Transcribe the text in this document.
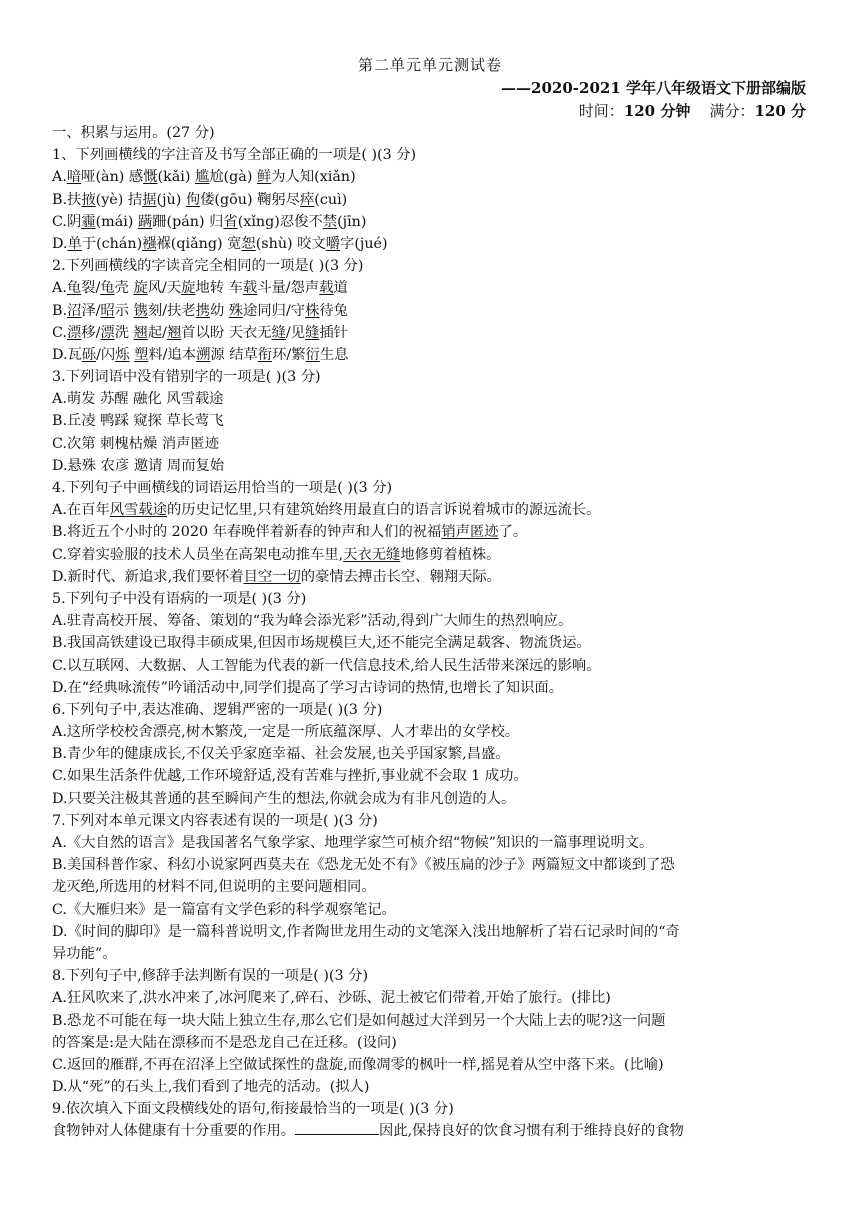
第二单元单元测试卷
——2020-2021 学年八年级语文下册部编版
时间：120 分钟 满分：120 分
一、积累与运用。(27 分)
1、下列画横线的字注音及书写全部正确的一项是( )(3 分)
A.喑哑(àn) 感慨(kǎi) 尴尬(gà) 鲜为人知(xiǎn)
B.扶掖(yè) 拮据(jù) 佝偻(gōu) 鞠躬尽瘁(cuì)
C.阴霾(mái) 蹒跚(pán) 归省(xǐng)忍俊不禁(jīn)
D.单于(chán)襁褓(qiǎng) 宽恕(shù) 咬文嚼字(jué)
2.下列画横线的字读音完全相同的一项是( )(3 分)
A.龟裂/龟壳 旋风/天旋地转 车载斗量/怨声载道
B.沼泽/昭示 镌刻/扶老携幼 殊途同归/守株待兔
C.漂移/漂洗 翘起/翘首以盼 天衣无缝/见缝插针
D.瓦砾/闪烁 塑料/追本溯源 结草衔环/繁衍生息
3.下列词语中没有错别字的一项是( )(3 分)
A.萌发 苏醒 融化 风雪载途
B.丘凌 鸭踩 窥探 草长莺飞
C.次第 刺槐枯燥 消声匿迹
D.悬殊 农彦 邀请 周而复始
4.下列句子中画横线的词语运用恰当的一项是( )(3 分)
A.在百年风雪载途的历史记忆里,只有建筑始终用最直白的语言诉说着城市的源远流长。
B.将近五个小时的 2020 年春晚伴着新春的钟声和人们的祝福销声匿迹了。
C.穿着实验服的技术人员坐在高架电动推车里,天衣无缝地修剪着植株。
D.新时代、新追求,我们要怀着目空一切的豪情去搏击长空、翱翔天际。
5.下列句子中没有语病的一项是( )(3 分)
A.驻青高校开展、筹备、策划的“我为峰会添光彩”活动,得到广大师生的热烈响应。
B.我国高铁建设已取得丰硕成果,但因市场规模巨大,还不能完全满足载客、物流货运。
C.以互联网、大数据、人工智能为代表的新一代信息技术,给人民生活带来深远的影响。
D.在“经典咏流传”吟诵活动中,同学们提高了学习古诗词的热情,也增长了知识面。
6.下列句子中,表达准确、逻辑严密的一项是( )(3 分)
A.这所学校校舍漂亮,树木繁茂,一定是一所底蕴深厚、人才辈出的女学校。
B.青少年的健康成长,不仅关乎家庭幸福、社会发展,也关乎国家繁,昌盛。
C.如果生活条件优越,工作环境舒适,没有苦难与挫折,事业就不会取 1 成功。
D.只要关注极其普通的甚至瞬间产生的想法,你就会成为有非凡创造的人。
7.下列对本单元课文内容表述有误的一项是( )(3 分)
A.《大自然的语言》是我国著名气象学家、地理学家竺可桢介绍“物候”知识的一篇事理说明文。
B.美国科普作家、科幻小说家阿西莫夫在《恐龙无处不有》《被压扁的沙子》两篇短文中都谈到了恐
龙灭绝,所选用的材料不同,但说明的主要问题相同。
C.《大雁归来》是一篇富有文学色彩的科学观察笔记。
D.《时间的脚印》是一篇科普说明文,作者陶世龙用生动的文笔深入浅出地解析了岩石记录时间的“奇
异功能”。
8.下列句子中,修辞手法判断有误的一项是( )(3 分)
A.狂风吹来了,洪水冲来了,冰河爬来了,碎石、沙砾、泥土被它们带着,开始了旅行。(排比)
B.恐龙不可能在每一块大陆上独立生存,那么它们是如何越过大洋到另一个大陆上去的呢?这一问题
的答案是:是大陆在漂移而不是恐龙自己在迁移。(设问)
C.返回的雁群,不再在沼泽上空做试探性的盘旋,而像凋零的枫叶一样,摇晃着从空中落下来。(比喻)
D.从“死”的石头上,我们看到了地壳的活动。(拟人)
9.依次填入下面文段横线处的语句,衔接最恰当的一项是( )(3 分)
食物钟对人体健康有十分重要的作用。	因此,保持良好的饮食习惯有利于维持良好的食物
